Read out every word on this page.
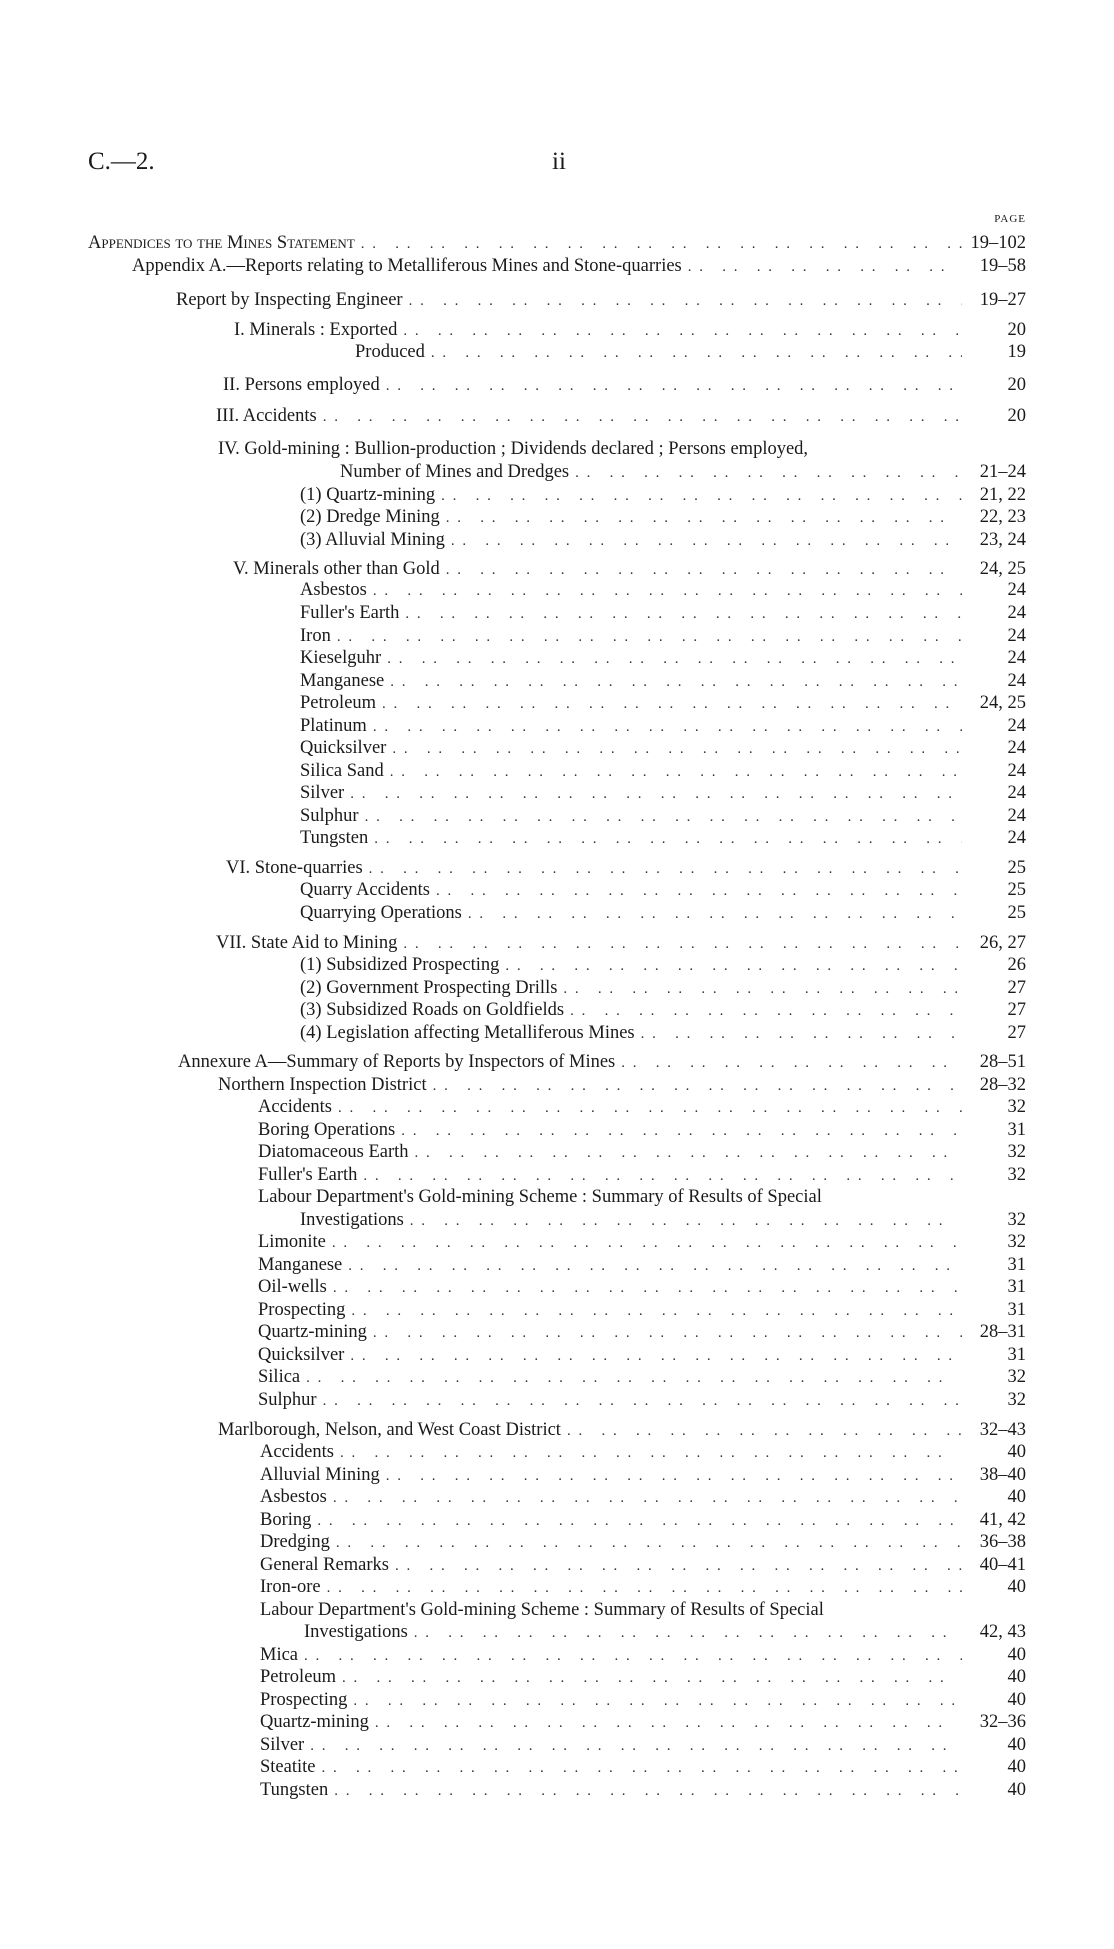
C.—2.	ii
PAGE
Appendices to the Mines Statement . .	19–102
Appendix A.—Reports relating to Metalliferous Mines and Stone-quarries . .	19–58
Report by Inspecting Engineer . .	19–27
I. Minerals : Exported . .	20
Produced . .	19
II. Persons employed . .	20
III. Accidents . .	20
IV. Gold-mining : Bullion-production ; Dividends declared ; Persons employed,
Number of Mines and Dredges . .	21–24
(1) Quartz-mining . .	21, 22
(2) Dredge Mining . .	22, 23
(3) Alluvial Mining . .	23, 24
V. Minerals other than Gold . .	24, 25
Asbestos . .	24
Fuller's Earth . .	24
Iron . .	24
Kieselguhr . .	24
Manganese . .	24
Petroleum . .	24, 25
Platinum . .	24
Quicksilver . .	24
Silica Sand . .	24
Silver . .	24
Sulphur . .	24
Tungsten . .	24
VI. Stone-quarries . .	25
Quarry Accidents . .	25
Quarrying Operations . .	25
VII. State Aid to Mining . .	26, 27
(1) Subsidized Prospecting . .	26
(2) Government Prospecting Drills . .	27
(3) Subsidized Roads on Goldfields . .	27
(4) Legislation affecting Metalliferous Mines . .	27
Annexure A—Summary of Reports by Inspectors of Mines . .	28–51
Northern Inspection District . .	28–32
Accidents . .	32
Boring Operations . .	31
Diatomaceous Earth . .	32
Fuller's Earth . .	32
Labour Department's Gold-mining Scheme : Summary of Results of Special
Investigations . .	32
Limonite . .	32
Manganese . .	31
Oil-wells . .	31
Prospecting . .	31
Quartz-mining . .	28–31
Quicksilver . .	31
Silica . .	32
Sulphur . .	32
Marlborough, Nelson, and West Coast District . .	32–43
Accidents . .	40
Alluvial Mining . .	38–40
Asbestos . .	40
Boring . .	41, 42
Dredging . .	36–38
General Remarks . .	40–41
Iron-ore . .	40
Labour Department's Gold-mining Scheme : Summary of Results of Special
Investigations . .	42, 43
Mica . .	40
Petroleum . .	40
Prospecting . .	40
Quartz-mining . .	32–36
Silver . .	40
Steatite . .	40
Tungsten . .	40
